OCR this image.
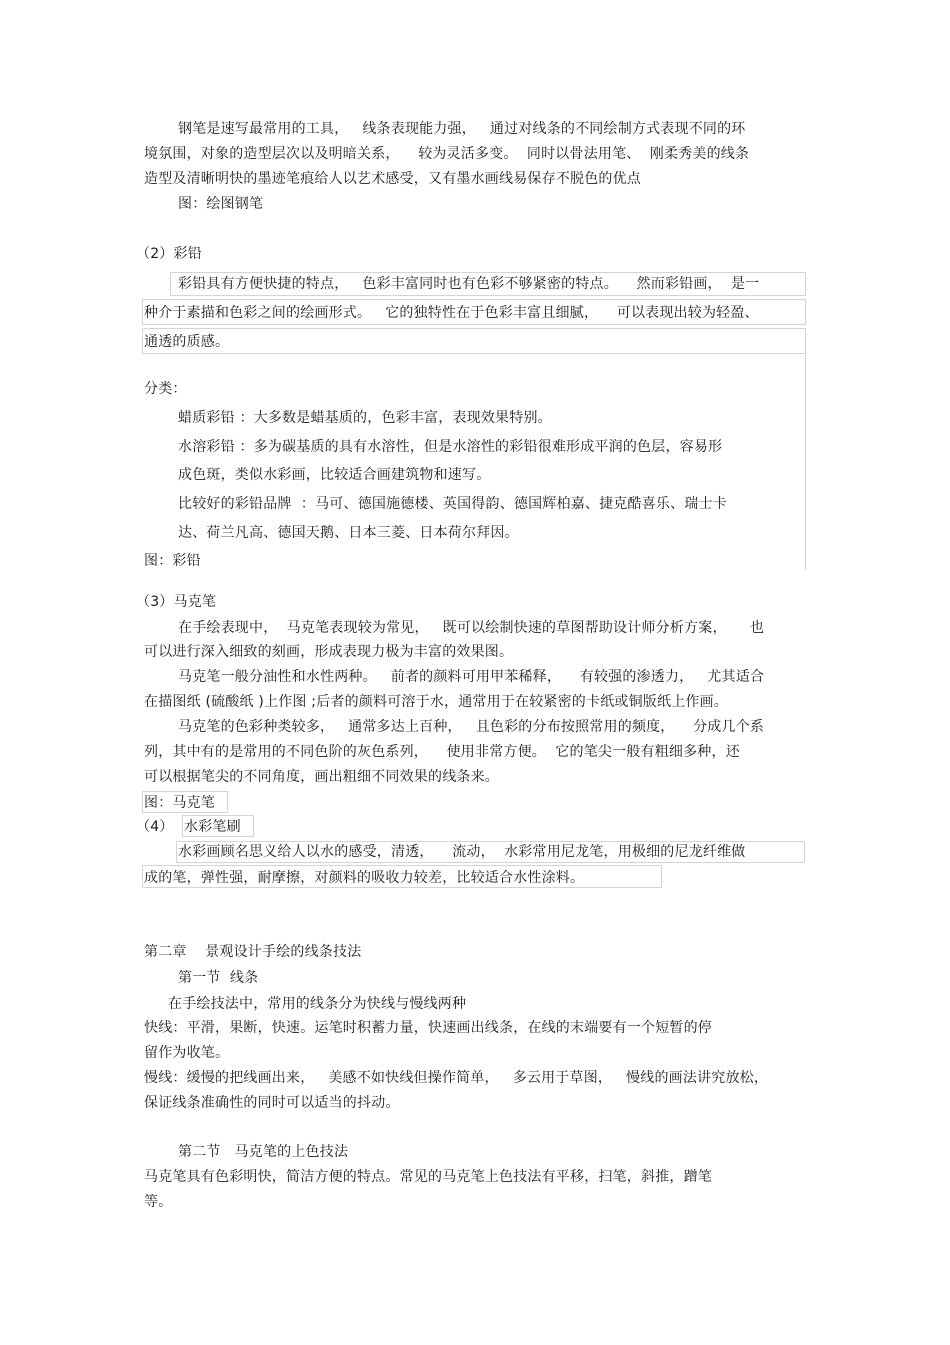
钢笔是速写最常用的工具，   线条表现能力强，   通过对线条的不同绘制方式表现不同的环
境氛围，对象的造型层次以及明暗关系，    较为灵活多变。  同时以骨法用笔、  刚柔秀美的线条
造型及清晰明快的墨迹笔痕给人以艺术感受，又有墨水画线易保存不脱色的优点
图：绘图钢笔
（2）彩铅
彩铅具有方便快捷的特点，   色彩丰富同时也有色彩不够紧密的特点。    然而彩铅画，  是一
种介于素描和色彩之间的绘画形式。   它的独特性在于色彩丰富且细腻，    可以表现出较为轻盈、
通透的质感。
分类：
蜡质彩铅 ：大多数是蜡基质的，色彩丰富，表现效果特别。
水溶彩铅 ：多为碳基质的具有水溶性，但是水溶性的彩铅很难形成平润的色层，容易形
成色斑，类似水彩画，比较适合画建筑物和速写。
比较好的彩铅品牌  ：马可、德国施德楼、英国得韵、德国辉柏嘉、捷克酷喜乐、瑞士卡
达、荷兰凡高、德国天鹅、日本三菱、日本荷尔拜因。
图：彩铅
（3）马克笔
在手绘表现中，  马克笔表现较为常见，   既可以绘制快速的草图帮助设计师分析方案，     也
可以进行深入细致的刻画，形成表现力极为丰富的效果图。
马克笔一般分油性和水性两种。   前者的颜料可用甲苯稀释，    有较强的渗透力，   尤其适合
在描图纸 (硫酸纸 )上作图 ;后者的颜料可溶于水，通常用于在较紧密的卡纸或铜版纸上作画。
马克笔的色彩种类较多，   通常多达上百种，   且色彩的分布按照常用的频度，    分成几个系
列，其中有的是常用的不同色阶的灰色系列，    使用非常方便。  它的笔尖一般有粗细多种，还
可以根据笔尖的不同角度，画出粗细不同效果的线条来。
图：马克笔
（4） 水彩笔刷
水彩画顾名思义给人以水的感受，清透，    流动，  水彩常用尼龙笔，用极细的尼龙纤维做
成的笔，弹性强，耐摩擦，对颜料的吸收力较差，比较适合水性涂料。
第二章    景观设计手绘的线条技法
第一节  线条
在手绘技法中，常用的线条分为快线与慢线两种
快线：平滑，果断，快速。运笔时积蓄力量，快速画出线条，在线的末端要有一个短暂的停
留作为收笔。
慢线：缓慢的把线画出来，   美感不如快线但操作简单，   多云用于草图，   慢线的画法讲究放松，
保证线条准确性的同时可以适当的抖动。
第二节   马克笔的上色技法
马克笔具有色彩明快，简洁方便的特点。常见的马克笔上色技法有平移，扫笔，斜推，蹭笔
等。
